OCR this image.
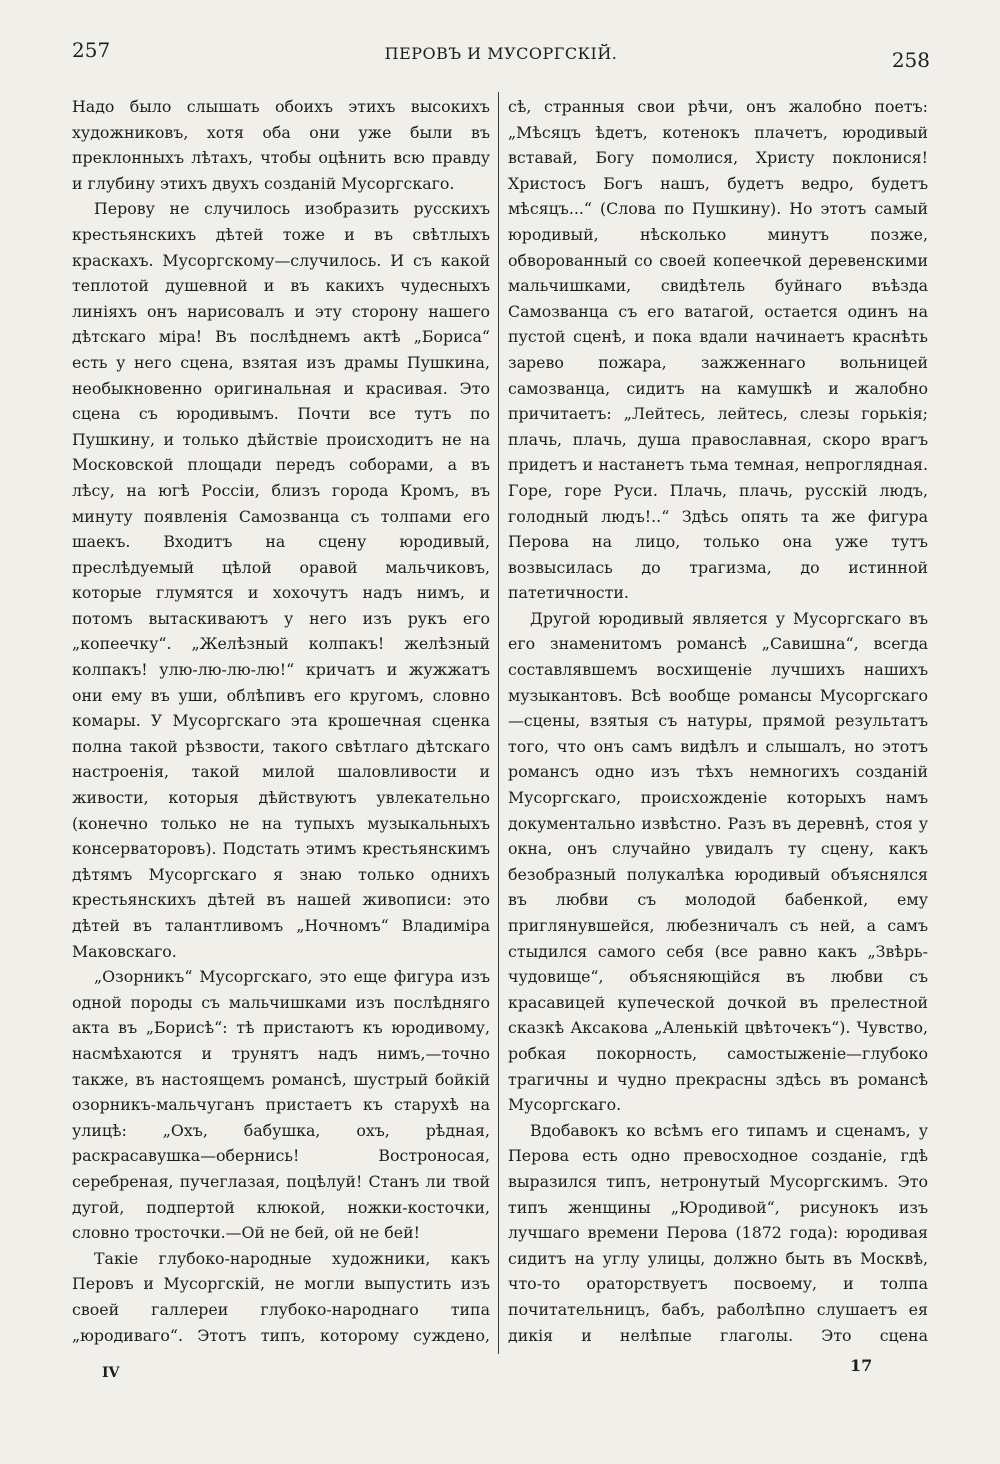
257	ПЕРОВЪ И МУСОРГСКІЙ.	258

Надо было слышать обоихъ этихъ высокихъ художниковъ, хотя оба они уже были въ преклонныхъ лѣтахъ, чтобы оцѣнить всю правду и глубину этихъ двухъ созданій Мусоргскаго.

Перову не случилось изобразить русскихъ крестьянскихъ дѣтей тоже и въ свѣтлыхъ краскахъ. Мусоргскому—случилось. И съ какой теплотой душевной и въ какихъ чудесныхъ линіяхъ онъ нарисовалъ и эту сторону нашего дѣтскаго міра! Въ послѣднемъ актѣ „Бориса“ есть у него сцена, взятая изъ драмы Пушкина, необыкновенно оригинальная и красивая. Это сцена съ юродивымъ. Почти все тутъ по Пушкину, и только дѣйствіе происходитъ не на Московской площади передъ соборами, а въ лѣсу, на югѣ Россіи, близъ города Кромъ, въ минуту появленія Самозванца съ толпами его шаекъ. Входитъ на сцену юродивый, преслѣдуемый цѣлой оравой мальчиковъ, которые глумятся и хохочутъ надъ нимъ, и потомъ вытаскиваютъ у него изъ рукъ его „копеечку“. „Желѣзный колпакъ! желѣзный колпакъ! улю-лю-лю-лю!“ кричатъ и жужжатъ они ему въ уши, облѣпивъ его кругомъ, словно комары. У Мусоргскаго эта крошечная сценка полна такой рѣзвости, такого свѣтлаго дѣтскаго настроенія, такой милой шаловливости и живости, которыя дѣйствуютъ увлекательно (конечно только не на тупыхъ музыкальныхъ консерваторовъ). Подстать этимъ крестьянскимъ дѣтямъ Мусоргскаго я знаю только однихъ крестьянскихъ дѣтей въ нашей живописи: это дѣтей въ талантливомъ „Ночномъ“ Владиміра Маковскаго.

„Озорникъ“ Мусоргскаго, это еще фигура изъ одной породы съ мальчишками изъ послѣдняго акта въ „Борисѣ“: тѣ пристаютъ къ юродивому, насмѣхаются и трунятъ надъ нимъ,—точно также, въ настоящемъ романсѣ, шустрый бойкій озорникъ-мальчуганъ пристаетъ къ старухѣ на улицѣ: „Охъ, бабушка, охъ, рѣдная, раскрасавушка—обернись! Востроносая, серебреная, пучеглазая, поцѣлуй! Станъ ли твой дугой, подпертой клюкой, ножки-косточки, словно тросточки.—Ой не бей, ой не бей!

Такіе глубоко-народные художники, какъ Перовъ и Мусоргскій, не могли выпустить изъ своей галлереи глубоко-народнаго типа „юродиваго“. Этотъ типъ, которому суждено,

сѣ, странныя свои рѣчи, онъ жалобно поетъ: „Мѣсяцъ ѣдетъ, котенокъ плачетъ, юродивый вставай, Богу помолися, Христу поклонися! Христосъ Богъ нашъ, будетъ ведро, будетъ мѣсяцъ...“ (Слова по Пушкину). Но этотъ самый юродивый, нѣсколько минутъ позже, обворованный со своей копеечкой деревенскими мальчишками, свидѣтель буйнаго въѣзда Самозванца съ его ватагой, остается одинъ на пустой сценѣ, и пока вдали начинаетъ краснѣть зарево пожара, зажженнаго вольницей самозванца, сидитъ на камушкѣ и жалобно причитаетъ: „Лейтесь, лейтесь, слезы горькія; плачь, плачь, душа православная, скоро врагъ придетъ и настанетъ тьма темная, непроглядная. Горе, горе Руси. Плачь, плачь, русскій людъ, голодный людъ!..“ Здѣсь опять та же фигура Перова на лицо, только она уже тутъ возвысилась до трагизма, до истинной патетичности.

Другой юродивый является у Мусоргскаго въ его знаменитомъ романсѣ „Савишна“, всегда составлявшемъ восхищеніе лучшихъ нашихъ музыкантовъ. Всѣ вообще романсы Мусоргскаго—сцены, взятыя съ натуры, прямой результатъ того, что онъ самъ видѣлъ и слышалъ, но этотъ романсъ одно изъ тѣхъ немногихъ созданій Мусоргскаго, происхожденіе которыхъ намъ документально извѣстно. Разъ въ деревнѣ, стоя у окна, онъ случайно увидалъ ту сцену, какъ безобразный полукалѣка юродивый объяснялся въ любви съ молодой бабенкой, ему приглянувшейся, любезничалъ съ ней, а самъ стыдился самого себя (все равно какъ „Звѣрь-чудовище“, объясняющійся въ любви съ красавицей купеческой дочкой въ прелестной сказкѣ Аксакова „Аленькій цвѣточекъ“). Чувство, робкая покорность, самостыженіе—глубоко трагичны и чудно прекрасны здѣсь въ романсѣ Мусоргскаго.

Вдобавокъ ко всѣмъ его типамъ и сценамъ, у Перова есть одно превосходное созданіе, гдѣ выразился типъ, нетронутый Мусоргскимъ. Это типъ женщины „Юродивой“, рисунокъ изъ лучшаго времени Перова (1872 года): юродивая сидитъ на углу улицы, должно быть въ Москвѣ, что-то ораторствуетъ посвоему, и толпа почитательницъ, бабъ, раболѣпно слушаетъ ея дикія и нелѣпые глаголы. Это сцена

IV	17
